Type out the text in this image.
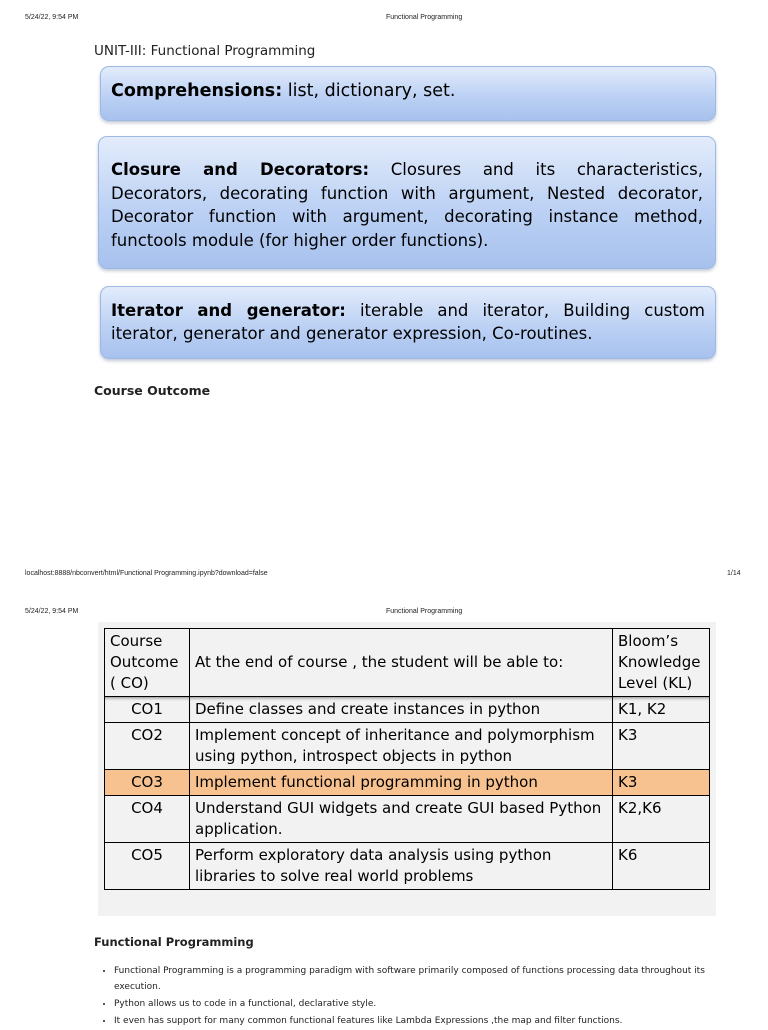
5/24/22, 9:54 PM	Functional Programming
UNIT-III: Functional Programming
Comprehensions: list, dictionary, set.
Closure and Decorators: Closures and its characteristics, Decorators, decorating function with argument, Nested decorator, Decorator function with argument, decorating instance method, functools module (for higher order functions).
Iterator and generator: iterable and iterator, Building custom iterator, generator and generator expression, Co-routines.
Course Outcome
localhost:8888/nbconvert/html/Functional Programming.ipynb?download=false	1/14
5/24/22, 9:54 PM	Functional Programming
Course Outcome ( CO)	At the end of course , the student will be able to:	Bloom’s Knowledge Level (KL)
CO1	Define classes and create instances in python	K1, K2
CO2	Implement concept of inheritance and polymorphism using python, introspect objects in python	K3
CO3	Implement functional programming in python	K3
CO4	Understand GUI widgets and create GUI based Python application.	K2,K6
CO5	Perform exploratory data analysis using python libraries to solve real world problems	K6
Functional Programming
• Functional Programming is a programming paradigm with software primarily composed of functions processing data throughout its execution.
• Python allows us to code in a functional, declarative style.
• It even has support for many common functional features like Lambda Expressions ,the map and filter functions.
